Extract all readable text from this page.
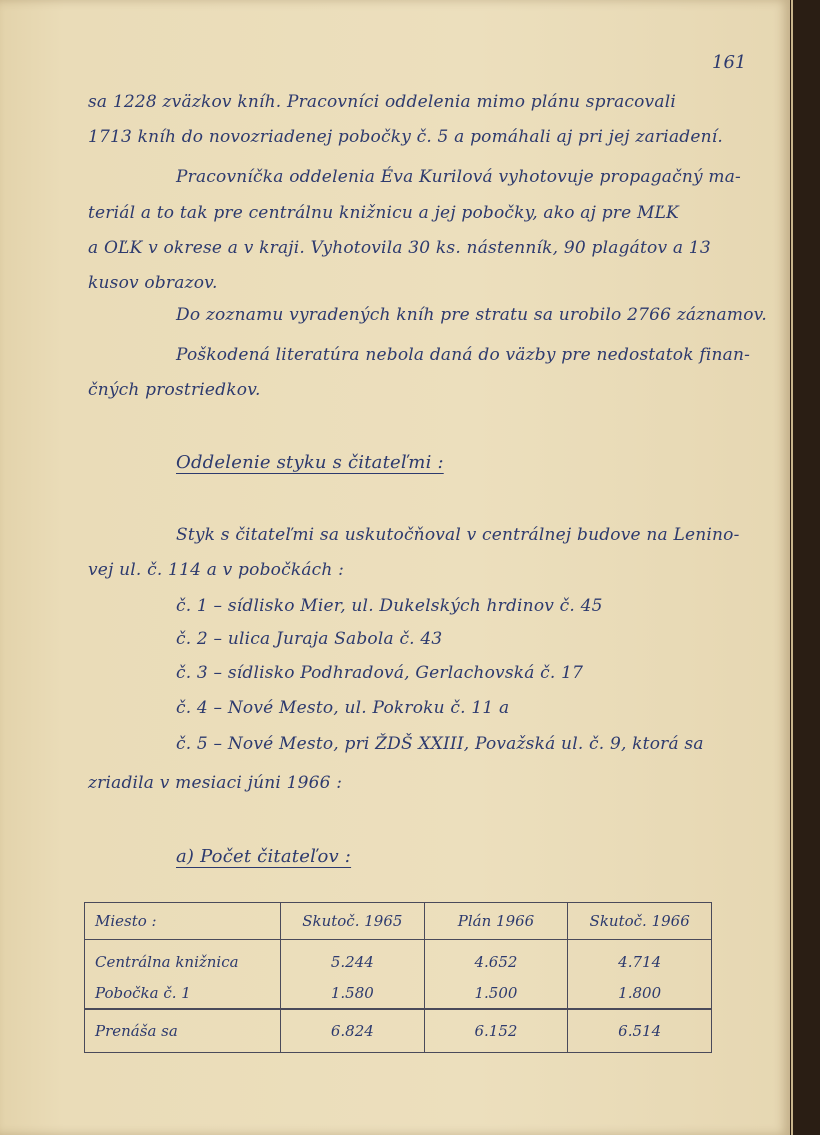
161
sa 1228 zväzkov kníh. Pracovníci oddelenia mimo plánu spracovali
1713 kníh do novozriadenej pobočky č. 5 a pomáhali aj pri jej zariadení.
Pracovníčka oddelenia Éva Kurilová vyhotovuje propagačný ma-
teriál a to tak pre centrálnu knižnicu a jej pobočky, ako aj pre MĽK
a OĽK v okrese a v kraji. Vyhotovila 30 ks. nástenník, 90 plagátov a 13
kusov obrazov.
Do zoznamu vyradených kníh pre stratu sa urobilo 2766 záznamov.
Poškodená literatúra nebola daná do väzby pre nedostatok finan-
čných prostriedkov.
Oddelenie styku s čitateľmi :
Styk s čitateľmi sa uskutočňoval v centrálnej budove na Lenino-
vej ul. č. 114 a v pobočkách :
č. 1 – sídlisko Mier, ul. Dukelských hrdinov č. 45
č. 2 – ulica Juraja Sabola č. 43
č. 3 – sídlisko Podhradová, Gerlachovská č. 17
č. 4 – Nové Mesto, ul. Pokroku č. 11 a
č. 5 – Nové Mesto, pri ŽDŠ XXIII, Považská ul. č. 9, ktorá sa
zriadila v mesiaci júni 1966 :
a) Počet čitateľov :
Miesto :	Skutoč. 1965	Plán 1966	Skutoč. 1966
Centrálna knižnica	5.244	4.652	4.714
Pobočka č. 1	1.580	1.500	1.800
Prenáša sa	6.824	6.152	6.514
